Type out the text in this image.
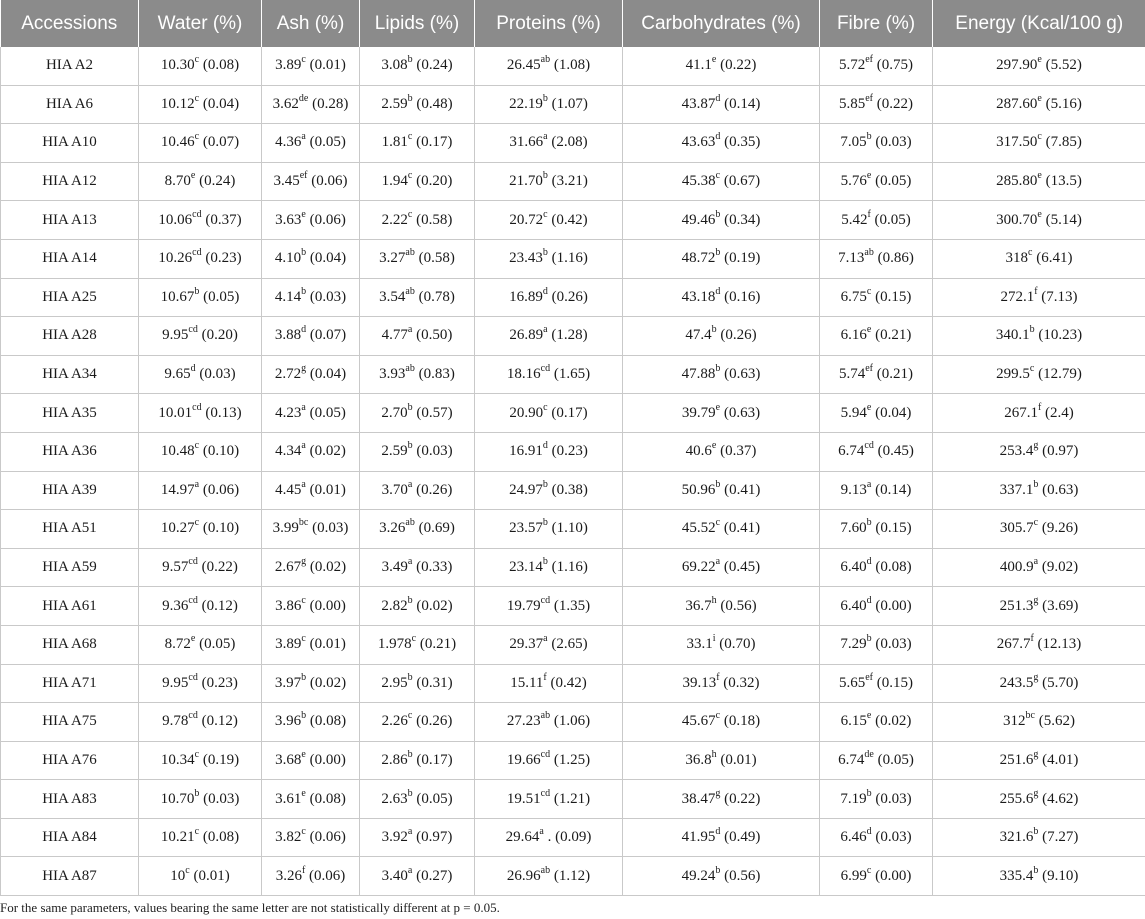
Accessions	Water (%)	Ash (%)	Lipids (%)	Proteins (%)	Carbohydrates (%)	Fibre (%)	Energy (Kcal/100 g)
HIA A2	10.30$^c$ (0.08)	3.89$^c$ (0.01)	3.08$^b$ (0.24)	26.45$^{ab}$ (1.08)	41.1e (0.22)	5.72$^{ef}$ (0.75)	297.90e (5.52)
HIA A6	10.12$^c$ (0.04)	3.62de (0.28)	2.59$^b$ (0.48)	22.19$^b$ (1.07)	43.87$^d$ (0.14)	5.85$^{ef}$ (0.22)	287.60e (5.16)
HIA A10	10.46$^c$ (0.07)	4.36$^a$ (0.05)	1.81$^c$ (0.17)	31.66$^a$ (2.08)	43.63$^d$ (0.35)	7.05$^b$ (0.03)	317.50$^c$ (7.85)
HIA A12	8.70e (0.24)	3.45$^{ef}$ (0.06)	1.94$^c$ (0.20)	21.70$^b$ (3.21)	45.38$^c$ (0.67)	5.76e (0.05)	285.80e (13.5)
HIA A13	10.06$^{cd}$ (0.37)	3.63e (0.06)	2.22$^c$ (0.58)	20.72$^c$ (0.42)	49.46$^b$ (0.34)	5.42$^f$ (0.05)	300.70e (5.14)
HIA A14	10.26$^{cd}$ (0.23)	4.10$^b$ (0.04)	3.27$^{ab}$ (0.58)	23.43$^b$ (1.16)	48.72$^b$ (0.19)	7.13$^{ab}$ (0.86)	318$^c$ (6.41)
HIA A25	10.67$^b$ (0.05)	4.14$^b$ (0.03)	3.54$^{ab}$ (0.78)	16.89$^d$ (0.26)	43.18$^d$ (0.16)	6.75$^c$ (0.15)	272.1$^f$ (7.13)
HIA A28	9.95$^{cd}$ (0.20)	3.88$^d$ (0.07)	4.77$^a$ (0.50)	26.89$^a$ (1.28)	47.4$^b$ (0.26)	6.16e (0.21)	340.1$^b$ (10.23)
HIA A34	9.65$^d$ (0.03)	2.72$^g$ (0.04)	3.93$^{ab}$ (0.83)	18.16$^{cd}$ (1.65)	47.88$^b$ (0.63)	5.74$^{ef}$ (0.21)	299.5$^c$ (12.79)
HIA A35	10.01$^{cd}$ (0.13)	4.23$^a$ (0.05)	2.70$^b$ (0.57)	20.90$^c$ (0.17)	39.79e (0.63)	5.94e (0.04)	267.1$^f$ (2.4)
HIA A36	10.48$^c$ (0.10)	4.34$^a$ (0.02)	2.59$^b$ (0.03)	16.91$^d$ (0.23)	40.6e (0.37)	6.74$^{cd}$ (0.45)	253.4$^g$ (0.97)
HIA A39	14.97$^a$ (0.06)	4.45$^a$ (0.01)	3.70$^a$ (0.26)	24.97$^b$ (0.38)	50.96$^b$ (0.41)	9.13$^a$ (0.14)	337.1$^b$ (0.63)
HIA A51	10.27$^c$ (0.10)	3.99$^{bc}$ (0.03)	3.26$^{ab}$ (0.69)	23.57$^b$ (1.10)	45.52$^c$ (0.41)	7.60$^b$ (0.15)	305.7$^c$ (9.26)
HIA A59	9.57$^{cd}$ (0.22)	2.67$^g$ (0.02)	3.49$^a$ (0.33)	23.14$^b$ (1.16)	69.22$^a$ (0.45)	6.40$^d$ (0.08)	400.9$^a$ (9.02)
HIA A61	9.36$^{cd}$ (0.12)	3.86$^c$ (0.00)	2.82$^b$ (0.02)	19.79$^{cd}$ (1.35)	36.7$^h$ (0.56)	6.40$^d$ (0.00)	251.3$^g$ (3.69)
HIA A68	8.72e (0.05)	3.89$^c$ (0.01)	1.978$^c$ (0.21)	29.37$^a$ (2.65)	33.1$^i$ (0.70)	7.29$^b$ (0.03)	267.7$^f$ (12.13)
HIA A71	9.95$^{cd}$ (0.23)	3.97$^b$ (0.02)	2.95$^b$ (0.31)	15.11$^f$ (0.42)	39.13$^f$ (0.32)	5.65$^{ef}$ (0.15)	243.5$^g$ (5.70)
HIA A75	9.78$^{cd}$ (0.12)	3.96$^b$ (0.08)	2.26$^c$ (0.26)	27.23$^{ab}$ (1.06)	45.67$^c$ (0.18)	6.15e (0.02)	$312^{bc}$ (5.62)
HIA A76	10.34$^c$ (0.19)	3.68e (0.00)	2.86$^b$ (0.17)	19.66$^{cd}$ (1.25)	36.8$^h$ (0.01)	6.74de (0.05)	251.6$^g$ (4.01)
HIA A83	10.70$^b$ (0.03)	3.61e (0.08)	2.63$^b$ (0.05)	19.51$^{cd}$ (1.21)	38.47$^g$ (0.22)	7.19$^b$ (0.03)	255.6$^g$ (4.62)
HIA A84	10.21$^c$ (0.08)	3.82$^c$ (0.06)	3.92$^a$ (0.97)	29.64$^a$ . (0.09)	41.95$^d$ (0.49)	6.46$^d$ (0.03)	321.6$^b$ (7.27)
HIA A87	10$^c$ (0.01)	3.26$^f$ (0.06)	3.40$^a$ (0.27)	26.96$^{ab}$ (1.12)	49.24$^b$ (0.56)	6.99$^c$ (0.00)	335.4$^b$ (9.10)
For the same parameters, values bearing the same letter are not statistically different at p = 0.05.
